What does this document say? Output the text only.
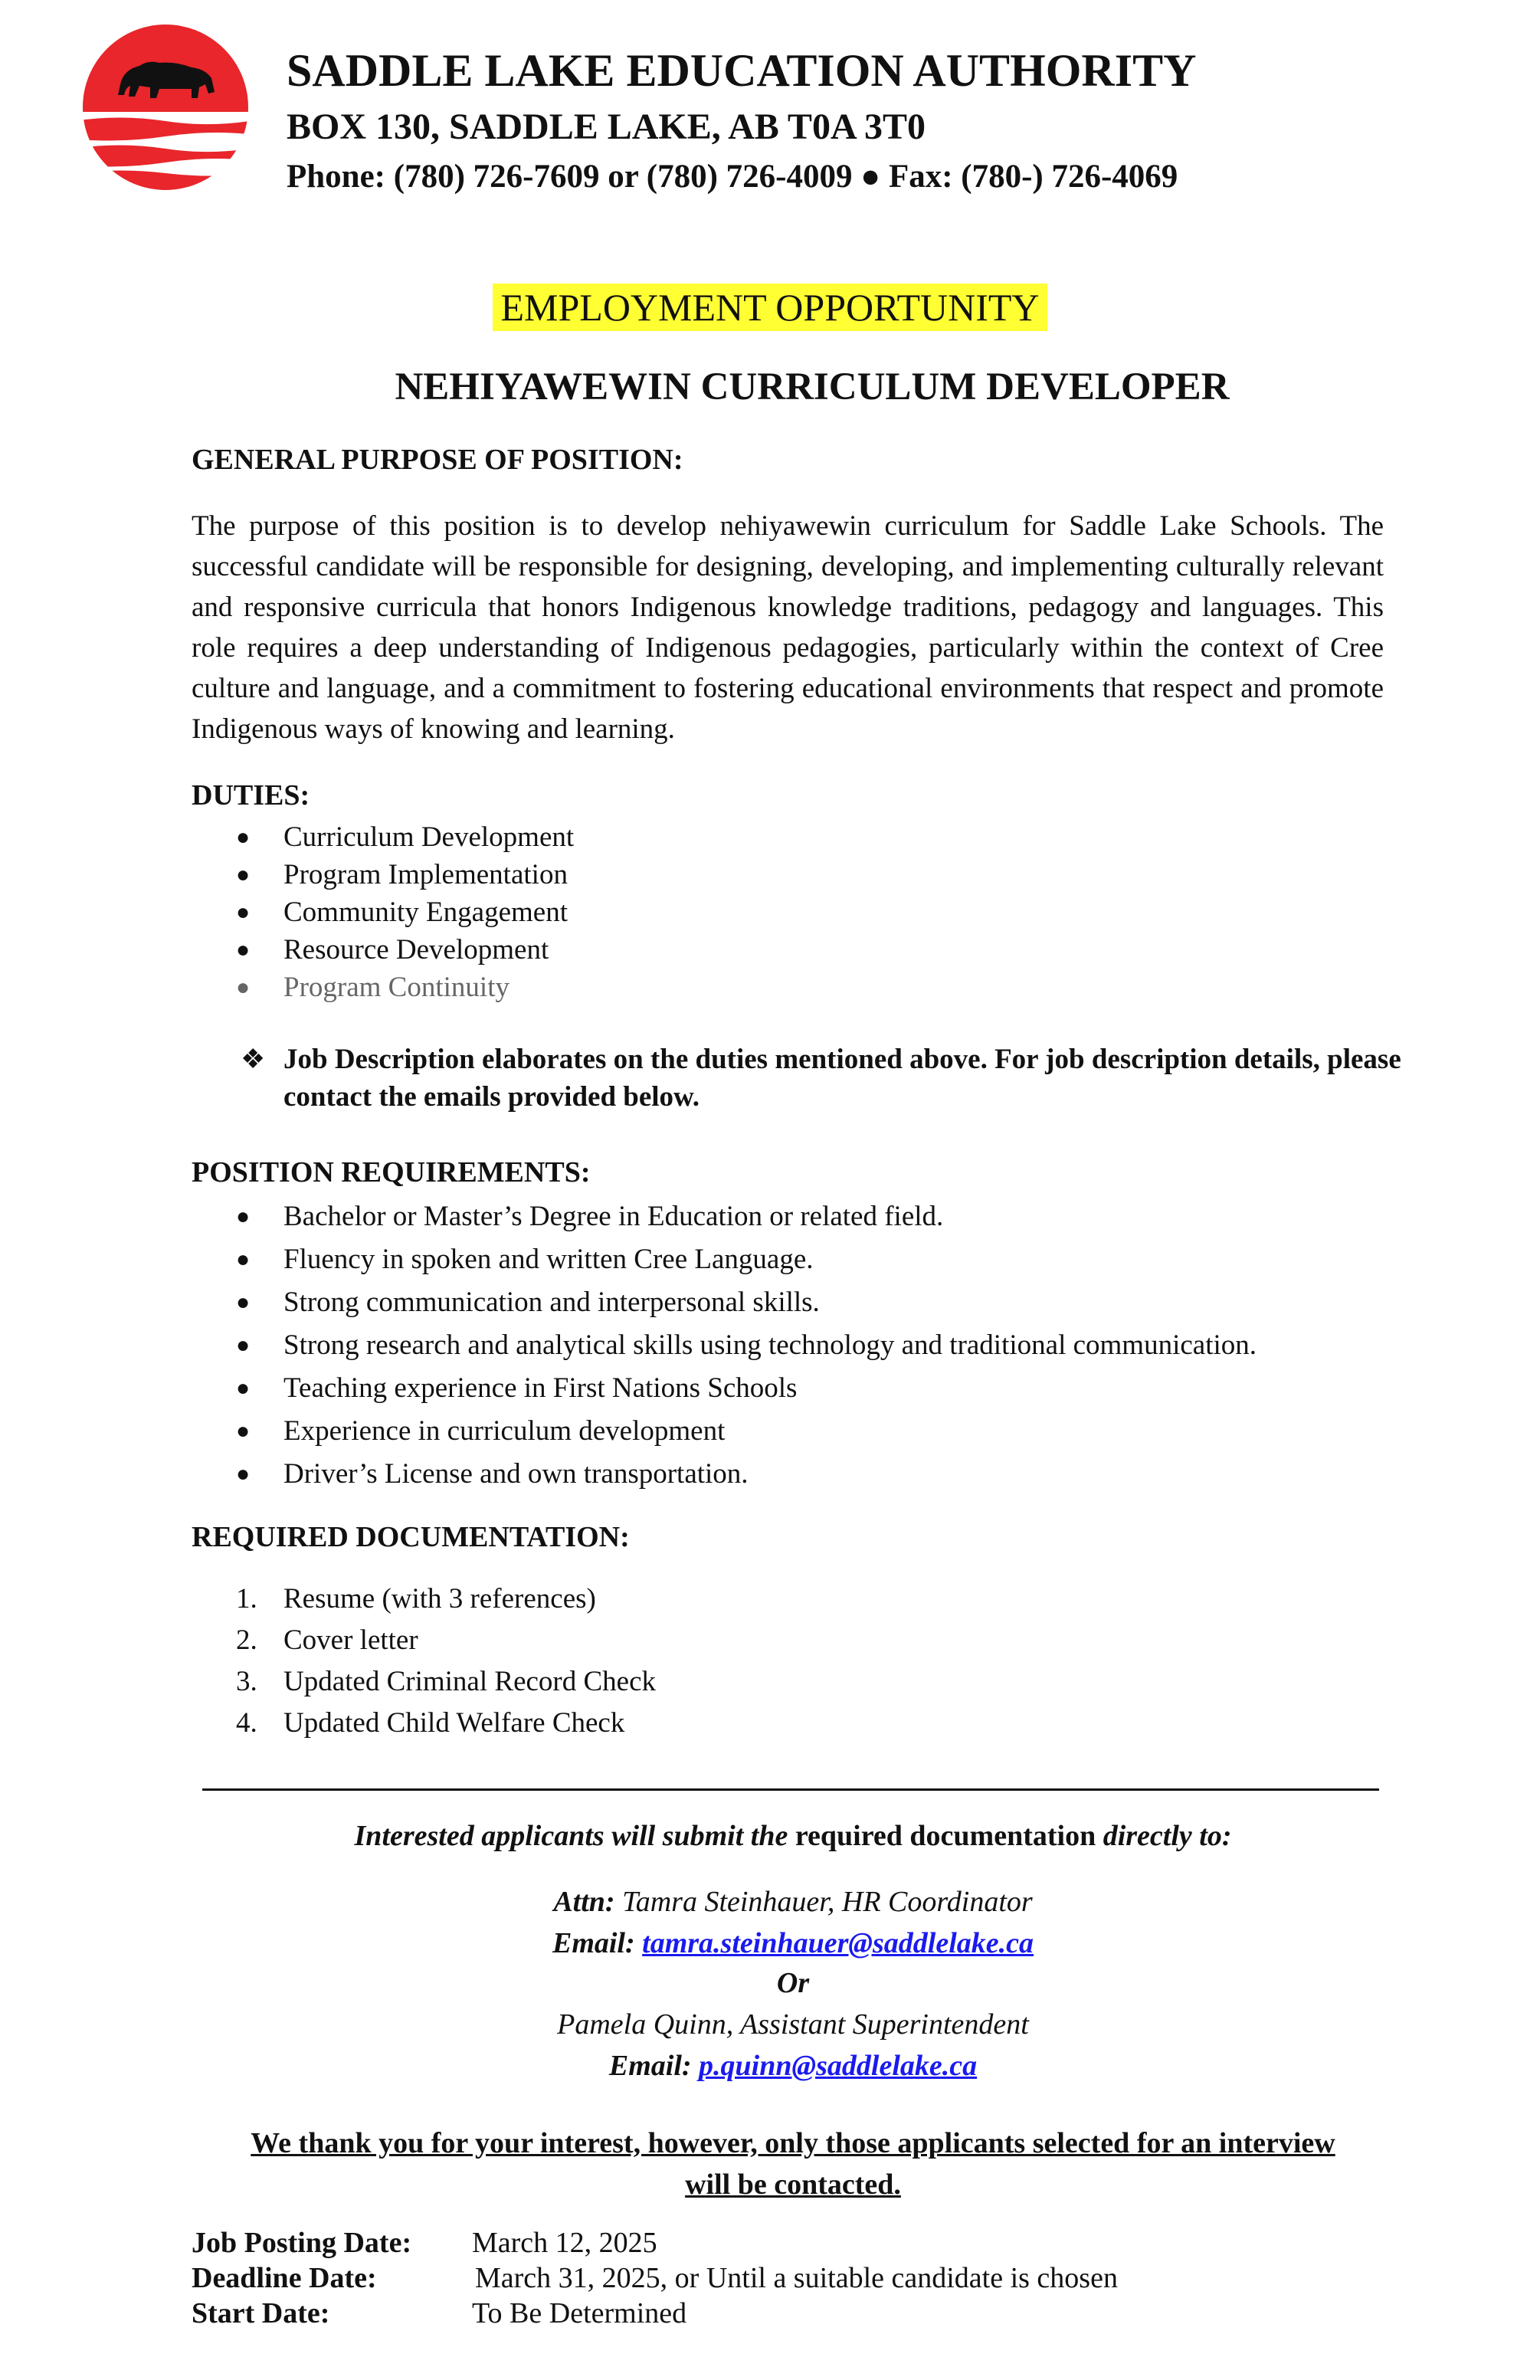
SADDLE LAKE EDUCATION AUTHORITY
BOX 130, SADDLE LAKE, AB T0A 3T0
Phone: (780) 726-7609 or (780) 726-4009 ● Fax: (780-) 726-4069
EMPLOYMENT OPPORTUNITY
NEHIYAWEWIN CURRICULUM DEVELOPER
GENERAL PURPOSE OF POSITION:
The purpose of this position is to develop nehiyawewin curriculum for Saddle Lake Schools. The successful candidate will be responsible for designing, developing, and implementing culturally relevant and responsive curricula that honors Indigenous knowledge traditions, pedagogy and languages. This role requires a deep understanding of Indigenous pedagogies, particularly within the context of Cree culture and language, and a commitment to fostering educational environments that respect and promote Indigenous ways of knowing and learning.
DUTIES:
● Curriculum Development
● Program Implementation
● Community Engagement
● Resource Development
● Program Continuity
❖ Job Description elaborates on the duties mentioned above. For job description details, please contact the emails provided below.
POSITION REQUIREMENTS:
● Bachelor or Master’s Degree in Education or related field.
● Fluency in spoken and written Cree Language.
● Strong communication and interpersonal skills.
● Strong research and analytical skills using technology and traditional communication.
● Teaching experience in First Nations Schools
● Experience in curriculum development
● Driver’s License and own transportation.
REQUIRED DOCUMENTATION:
1. Resume (with 3 references)
2. Cover letter
3. Updated Criminal Record Check
4. Updated Child Welfare Check
Interested applicants will submit the required documentation directly to:
Attn: Tamra Steinhauer, HR Coordinator
Email: tamra.steinhauer@saddlelake.ca
Or
Pamela Quinn, Assistant Superintendent
Email: p.quinn@saddlelake.ca
We thank you for your interest, however, only those applicants selected for an interview
will be contacted.
Job Posting Date: March 12, 2025
Deadline Date:	March 31, 2025, or Until a suitable candidate is chosen
Start Date:	To Be Determined
